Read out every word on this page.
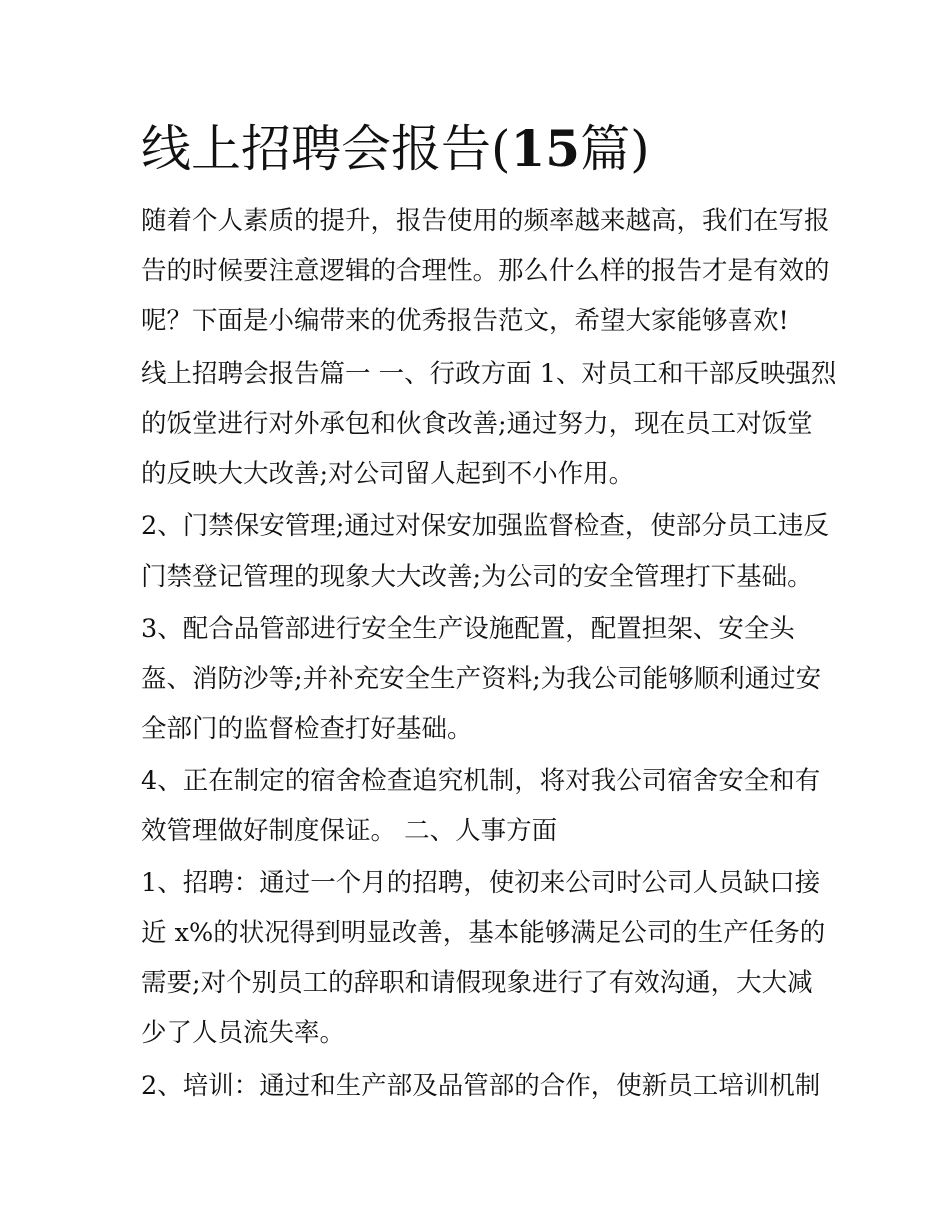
线上招聘会报告(15篇)

随着个人素质的提升，报告使用的频率越来越高，我们在写报

告的时候要注意逻辑的合理性。那么什么样的报告才是有效的

呢？下面是小编带来的优秀报告范文，希望大家能够喜欢!

线上招聘会报告篇一 一、行政方面 1、对员工和干部反映强烈

的饭堂进行对外承包和伙食改善;通过努力，现在员工对饭堂

的反映大大改善;对公司留人起到不小作用。

2、门禁保安管理;通过对保安加强监督检查，使部分员工违反

门禁登记管理的现象大大改善;为公司的安全管理打下基础。

3、配合品管部进行安全生产设施配置，配置担架、安全头

盔、消防沙等;并补充安全生产资料;为我公司能够顺利通过安

全部门的监督检查打好基础。

4、正在制定的宿舍检查追究机制，将对我公司宿舍安全和有

效管理做好制度保证。 二、人事方面

1、招聘：通过一个月的招聘，使初来公司时公司人员缺口接

近 x%的状况得到明显改善，基本能够满足公司的生产任务的

需要;对个别员工的辞职和请假现象进行了有效沟通，大大减

少了人员流失率。

2、培训：通过和生产部及品管部的合作，使新员工培训机制
